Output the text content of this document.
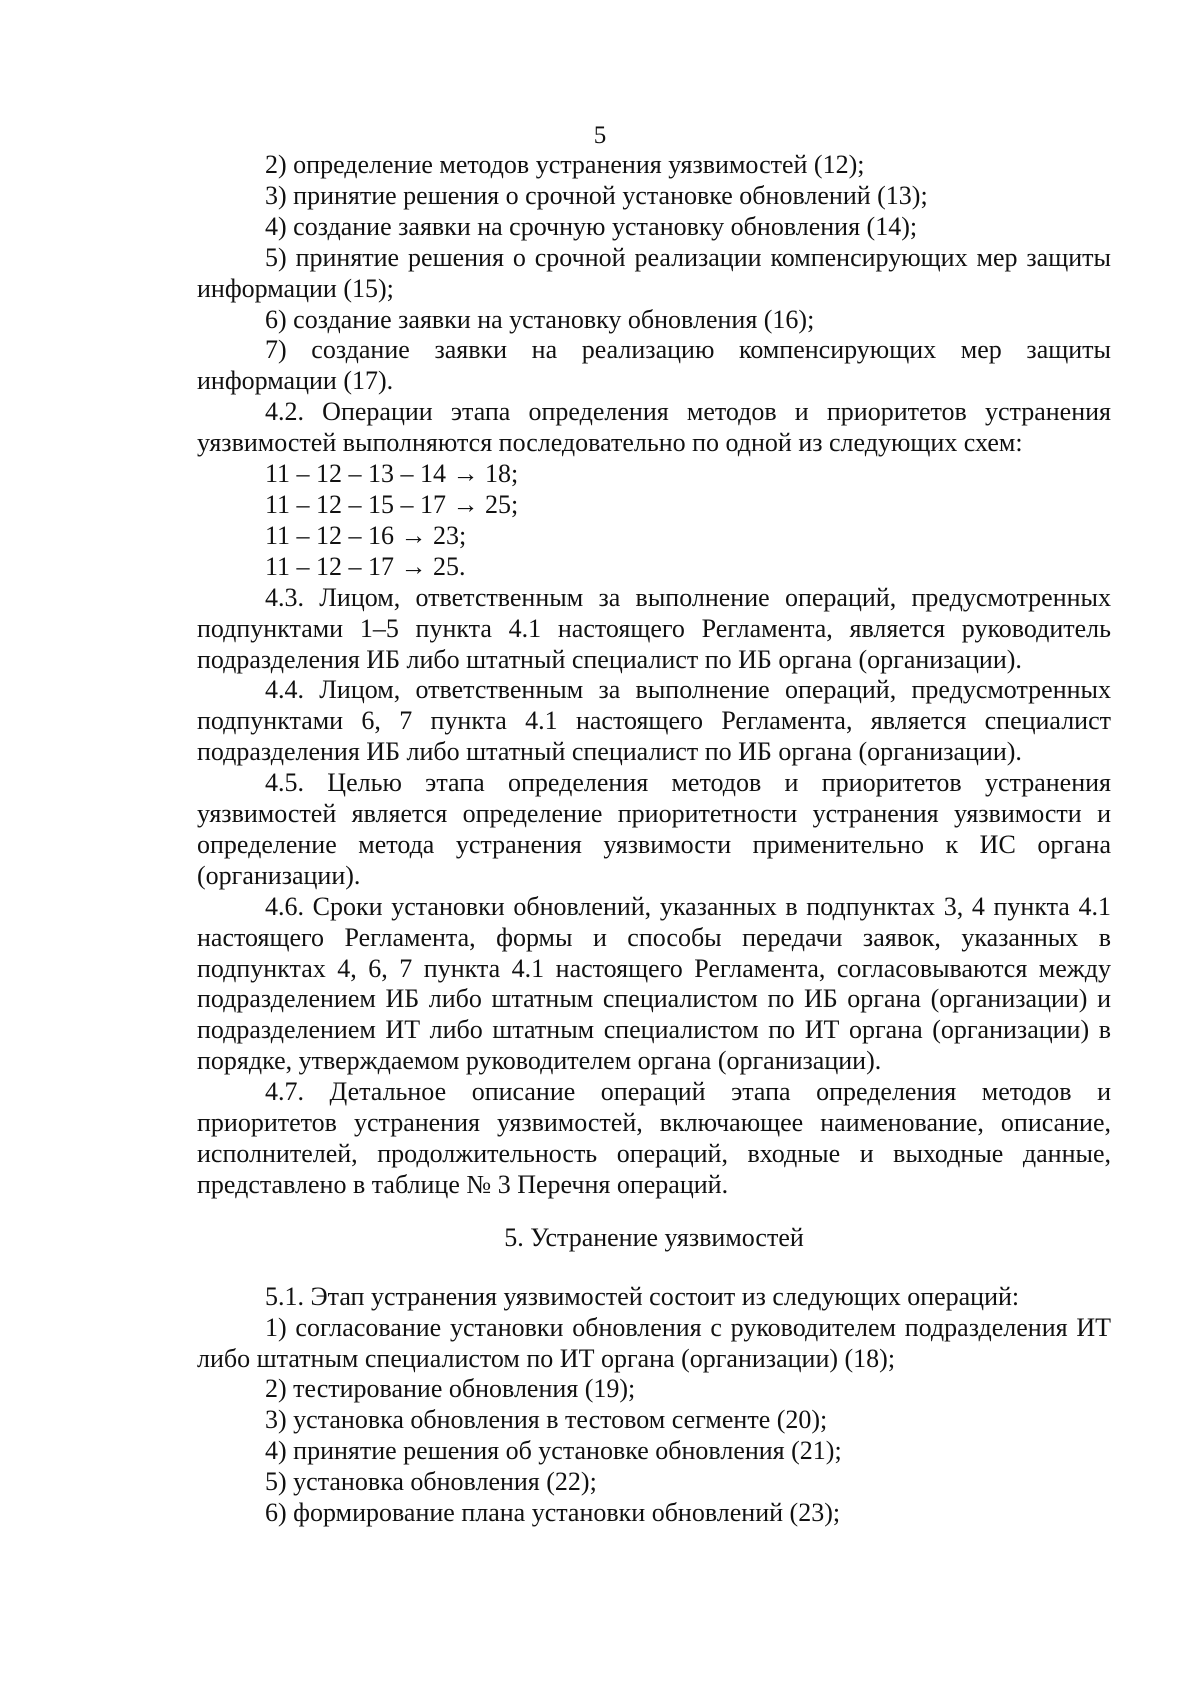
5

2) определение методов устранения уязвимостей (12);

3) принятие решения о срочной установке обновлений (13);

4) создание заявки на срочную установку обновления (14);

5) принятие решения о срочной реализации компенсирующих мер защиты информации (15);

6) создание заявки на установку обновления (16);

7) создание заявки на реализацию компенсирующих мер защиты информации (17).

4.2. Операции этапа определения методов и приоритетов устранения уязвимостей выполняются последовательно по одной из следующих схем:

11 – 12 – 13 – 14 → 18;

11 – 12 – 15 – 17 → 25;

11 – 12 – 16 → 23;

11 – 12 – 17 → 25.

4.3. Лицом, ответственным за выполнение операций, предусмотренных подпунктами 1–5 пункта 4.1 настоящего Регламента, является руководитель подразделения ИБ либо штатный специалист по ИБ органа (организации).

4.4. Лицом, ответственным за выполнение операций, предусмотренных подпунктами 6, 7 пункта 4.1 настоящего Регламента, является специалист подразделения ИБ либо штатный специалист по ИБ органа (организации).

4.5. Целью этапа определения методов и приоритетов устранения уязвимостей является определение приоритетности устранения уязвимости и определение метода устранения уязвимости применительно к ИС органа (организации).

4.6. Сроки установки обновлений, указанных в подпунктах 3, 4 пункта 4.1 настоящего Регламента, формы и способы передачи заявок, указанных в подпунктах 4, 6, 7 пункта 4.1 настоящего Регламента, согласовываются между подразделением ИБ либо штатным специалистом по ИБ органа (организации) и подразделением ИТ либо штатным специалистом по ИТ органа (организации) в порядке, утверждаемом руководителем органа (организации).

4.7. Детальное описание операций этапа определения методов и приоритетов устранения уязвимостей, включающее наименование, описание, исполнителей, продолжительность операций, входные и выходные данные, представлено в таблице № 3 Перечня операций.

5. Устранение уязвимостей

5.1. Этап устранения уязвимостей состоит из следующих операций:

1) согласование установки обновления с руководителем подразделения ИТ либо штатным специалистом по ИТ органа (организации) (18);

2) тестирование обновления (19);

3) установка обновления в тестовом сегменте (20);

4) принятие решения об установке обновления (21);

5) установка обновления (22);

6) формирование плана установки обновлений (23);
